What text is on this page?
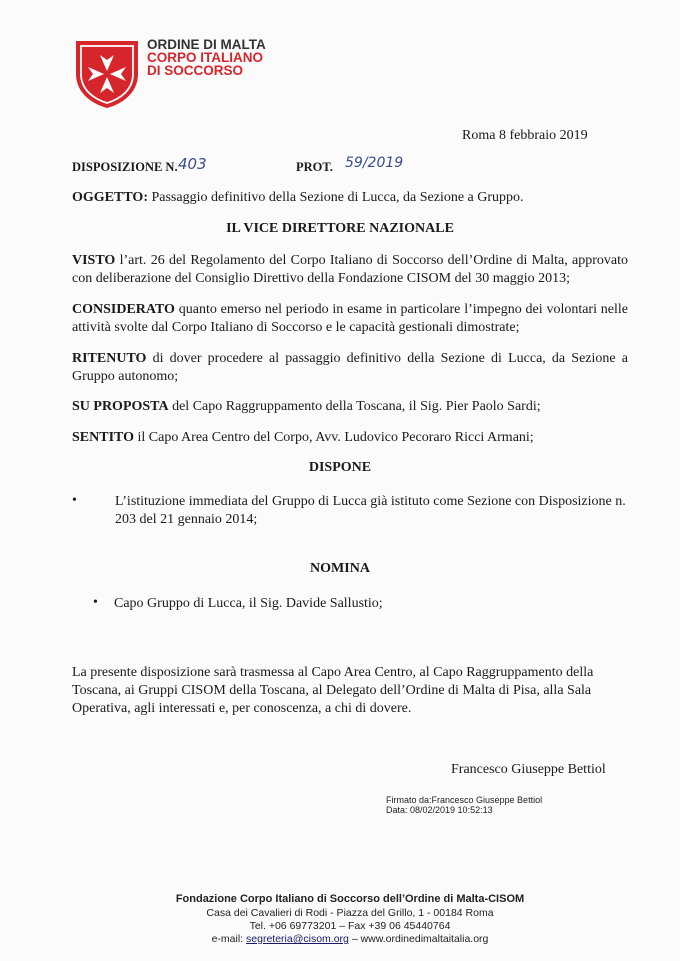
ORDINE DI MALTA
CORPO ITALIANO
DI SOCCORSO
Roma 8 febbraio 2019
DISPOSIZIONE N. 403	PROT. 59/2019
OGGETTO: Passaggio definitivo della Sezione di Lucca, da Sezione a Gruppo.
IL VICE DIRETTORE NAZIONALE
VISTO l’art. 26 del Regolamento del Corpo Italiano di Soccorso dell’Ordine di Malta, approvato con deliberazione del Consiglio Direttivo della Fondazione CISOM del 30 maggio 2013;
CONSIDERATO quanto emerso nel periodo in esame in particolare l’impegno dei volontari nelle attività svolte dal Corpo Italiano di Soccorso e le capacità gestionali dimostrate;
RITENUTO di dover procedere al passaggio definitivo della Sezione di Lucca, da Sezione a Gruppo autonomo;
SU PROPOSTA del Capo Raggruppamento della Toscana, il Sig. Pier Paolo Sardi;
SENTITO il Capo Area Centro del Corpo, Avv. Ludovico Pecoraro Ricci Armani;
DISPONE
•	L’istituzione immediata del Gruppo di Lucca già istituto come Sezione con Disposizione n. 203 del 21 gennaio 2014;
NOMINA
• Capo Gruppo di Lucca, il Sig. Davide Sallustio;
La presente disposizione sarà trasmessa al Capo Area Centro, al Capo Raggruppamento della Toscana, ai Gruppi CISOM della Toscana, al Delegato dell’Ordine di Malta di Pisa, alla Sala Operativa, agli interessati e, per conoscenza, a chi di dovere.
Francesco Giuseppe Bettiol
Firmato da:Francesco Giuseppe Bettiol
Data: 08/02/2019 10:52:13
Fondazione Corpo Italiano di Soccorso dell’Ordine di Malta-CISOM
Casa dei Cavalieri di Rodi - Piazza del Grillo, 1 - 00184 Roma
Tel. +06 69773201 – Fax +39 06 45440764
e-mail: segreteria@cisom.org – www.ordinedimaltaitalia.org
